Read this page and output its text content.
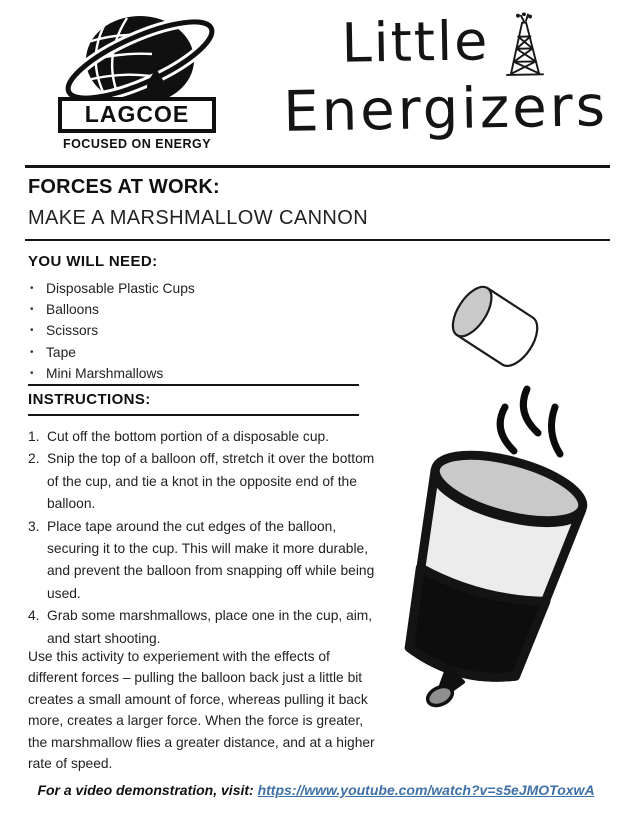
LAGCOE
FOCUSED ON ENERGY
Little
Energizers
FORCES AT WORK:
MAKE A MARSHMALLOW CANNON
YOU WILL NEED:
•
Disposable Plastic Cups
•
Balloons
•
Scissors
•
Tape
•
Mini Marshmallows
INSTRUCTIONS:
1. Cut off the bottom portion of a disposable cup.
2. Snip the top of a balloon off, stretch it over the bottom of the cup, and tie a knot in the opposite end of the balloon.
3. Place tape around the cut edges of the balloon, securing it to the cup. This will make it more durable, and prevent the balloon from snapping off while being used.
4. Grab some marshmallows, place one in the cup, aim, and start shooting.

Use this activity to experiement with the effects of different forces – pulling the balloon back just a little bit creates a small amount of force, whereas pulling it back more, creates a larger force. When the force is greater, the marshmallow flies a greater distance, and at a higher rate of speed.

For a video demonstration, visit: https://www.youtube.com/watch?v=s5eJMOToxwA
